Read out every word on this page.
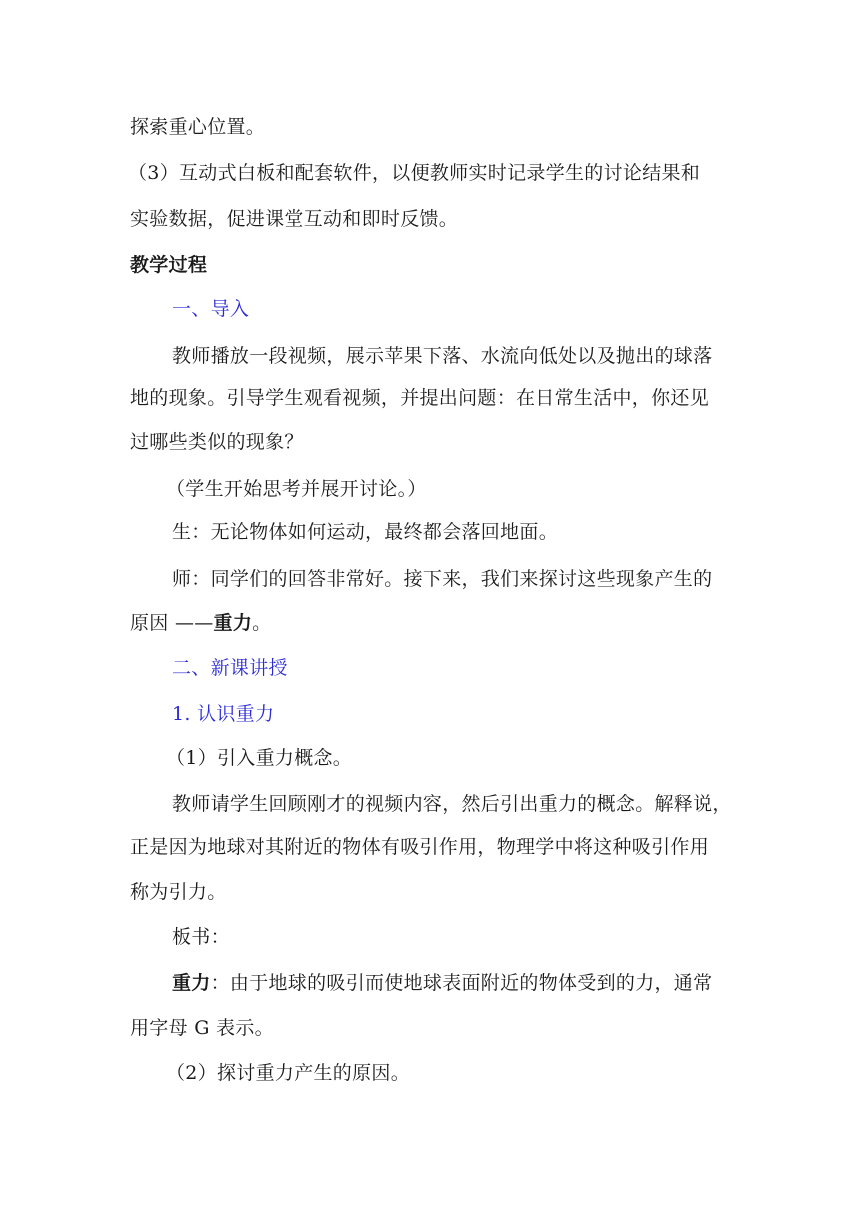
探索重心位置。
（3）互动式白板和配套软件，以便教师实时记录学生的讨论结果和
实验数据，促进课堂互动和即时反馈。
教学过程
一、导入
教师播放一段视频，展示苹果下落、水流向低处以及抛出的球落
地的现象。引导学生观看视频，并提出问题：在日常生活中，你还见
过哪些类似的现象？
（学生开始思考并展开讨论。）
生：无论物体如何运动，最终都会落回地面。
师：同学们的回答非常好。接下来，我们来探讨这些现象产生的
原因 ——重力。
二、新课讲授
1. 认识重力
（1）引入重力概念。
教师请学生回顾刚才的视频内容，然后引出重力的概念。解释说，
正是因为地球对其附近的物体有吸引作用，物理学中将这种吸引作用
称为引力。
板书：
重力：由于地球的吸引而使地球表面附近的物体受到的力，通常
用字母 G 表示。
（2）探讨重力产生的原因。
